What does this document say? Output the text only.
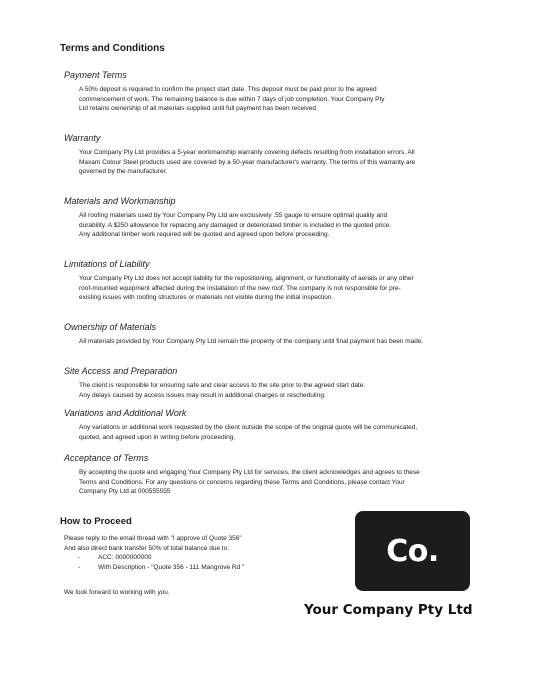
Terms and Conditions
Payment Terms

A 50% deposit is required to confirm the project start date. This deposit must be paid prior to the agreed

commencement of work. The remaining balance is due within 7 days of job completion. Your Company Pty

Ltd retains ownership of all materials supplied until full payment has been received.

Warranty

Your Company Pty Ltd provides a 5-year workmanship warranty covering defects resulting from installation errors. All

Maxam Colour Steel products used are covered by a 50-year manufacturer's warranty. The terms of this warranty are

governed by the manufacturer.

Materials and Workmanship

All roofing materials used by Your Company Pty Ltd are exclusively .55 gauge to ensure optimal quality and

durability. A $250 allowance for replacing any damaged or deteriorated timber is included in the quoted price.

Any additional timber work required will be quoted and agreed upon before proceeding.

Limitations of Liability

Your Company Pty Ltd does not accept liability for the repositioning, alignment, or functionality of aerials or any other

roof-mounted equipment affected during the installation of the new roof. The company is not responsible for pre-

existing issues with roofing structures or materials not visible during the initial inspection.

Ownership of Materials

All materials provided by Your Company Pty Ltd remain the property of the company until final payment has been made.

Site Access and Preparation

The client is responsible for ensuring safe and clear access to the site prior to the agreed start date.

Any delays caused by access issues may result in additional charges or rescheduling.

Variations and Additional Work

Any variations or additional work requested by the client outside the scope of the original quote will be communicated,

quoted, and agreed upon in writing before proceeding.

Acceptance of Terms

By accepting the quote and engaging Your Company Pty Ltd for services, the client acknowledges and agrees to these

Terms and Conditions. For any questions or concerns regarding these Terms and Conditions, please contact Your

Company Pty Ltd at 000555555

How to Proceed

Please reply to the email thread with "I approve of Quote 356"

And also direct bank transfer 50% of total balance due to:

-	ACC: 0000000000
-	With Description - "Quote 356 - 111 Mangrove Rd "
We look forward to working with you.
Co.
Your Company Pty Ltd
